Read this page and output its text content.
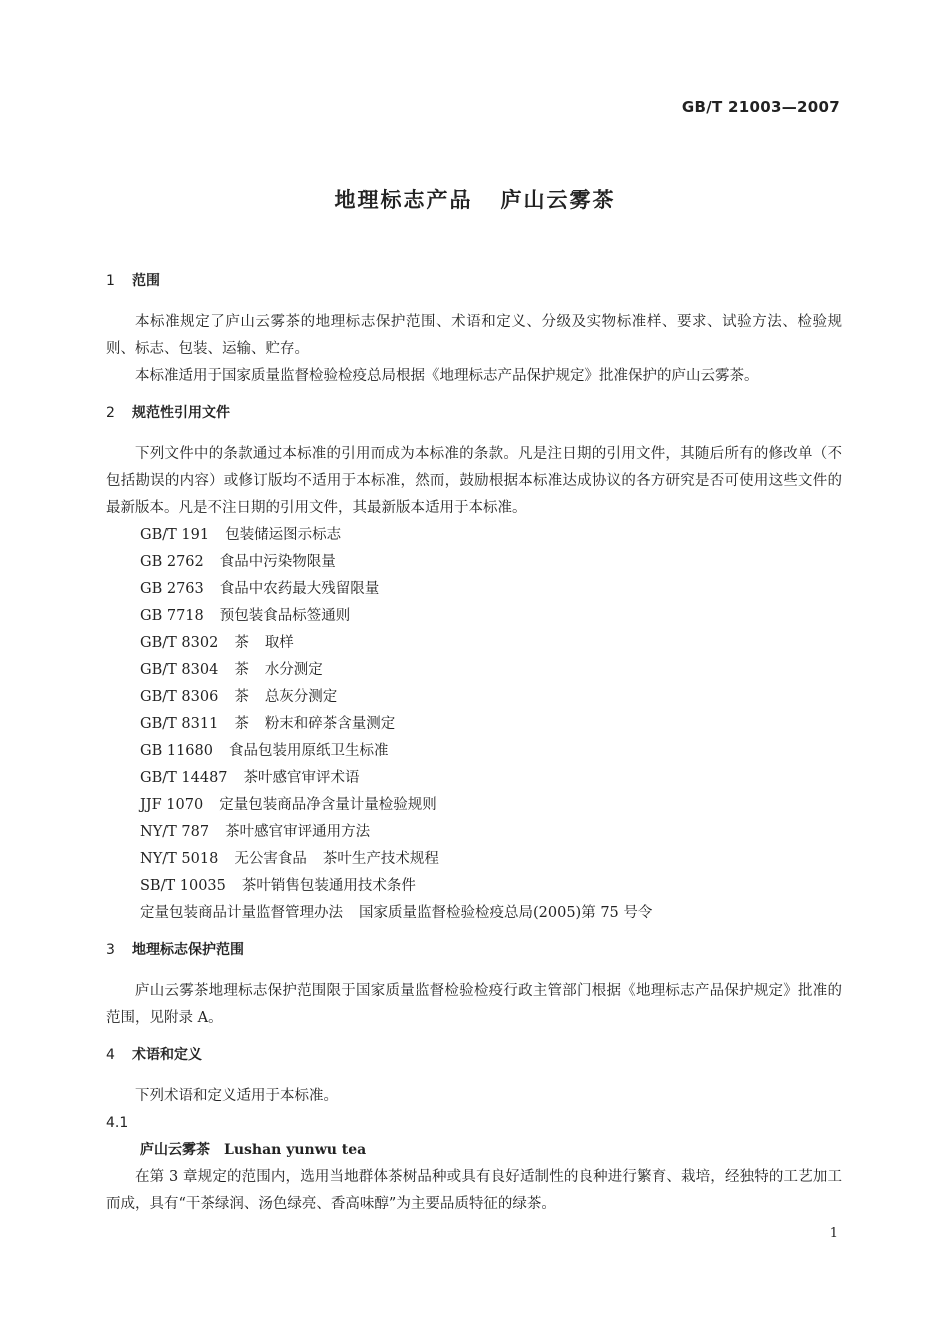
GB/T 21003—2007
地理标志产品 庐山云雾茶
1 范围

本标准规定了庐山云雾茶的地理标志保护范围、术语和定义、分级及实物标准样、要求、试验方法、检验规则、标志、包装、运输、贮存。

本标准适用于国家质量监督检验检疫总局根据《地理标志产品保护规定》批准保护的庐山云雾茶。

2 规范性引用文件

下列文件中的条款通过本标准的引用而成为本标准的条款。凡是注日期的引用文件，其随后所有的修改单（不包括勘误的内容）或修订版均不适用于本标准，然而，鼓励根据本标准达成协议的各方研究是否可使用这些文件的最新版本。凡是不注日期的引用文件，其最新版本适用于本标准。

GB/T 191 包装储运图示标志

GB 2762 食品中污染物限量

GB 2763 食品中农药最大残留限量

GB 7718 预包装食品标签通则

GB/T 8302 茶 取样

GB/T 8304 茶 水分测定

GB/T 8306 茶 总灰分测定

GB/T 8311 茶 粉末和碎茶含量测定

GB 11680 食品包装用原纸卫生标准

GB/T 14487 茶叶感官审评术语

JJF 1070 定量包装商品净含量计量检验规则

NY/T 787 茶叶感官审评通用方法

NY/T 5018 无公害食品 茶叶生产技术规程

SB/T 10035 茶叶销售包装通用技术条件

定量包装商品计量监督管理办法 国家质量监督检验检疫总局(2005)第 75 号令

3 地理标志保护范围

庐山云雾茶地理标志保护范围限于国家质量监督检验检疫行政主管部门根据《地理标志产品保护规定》批准的范围，见附录 A。

4 术语和定义

下列术语和定义适用于本标准。

4.1

庐山云雾茶 Lushan yunwu tea

在第 3 章规定的范围内，选用当地群体茶树品种或具有良好适制性的良种进行繁育、栽培，经独特的工艺加工而成，具有“干茶绿润、汤色绿亮、香高味醇”为主要品质特征的绿茶。

1
